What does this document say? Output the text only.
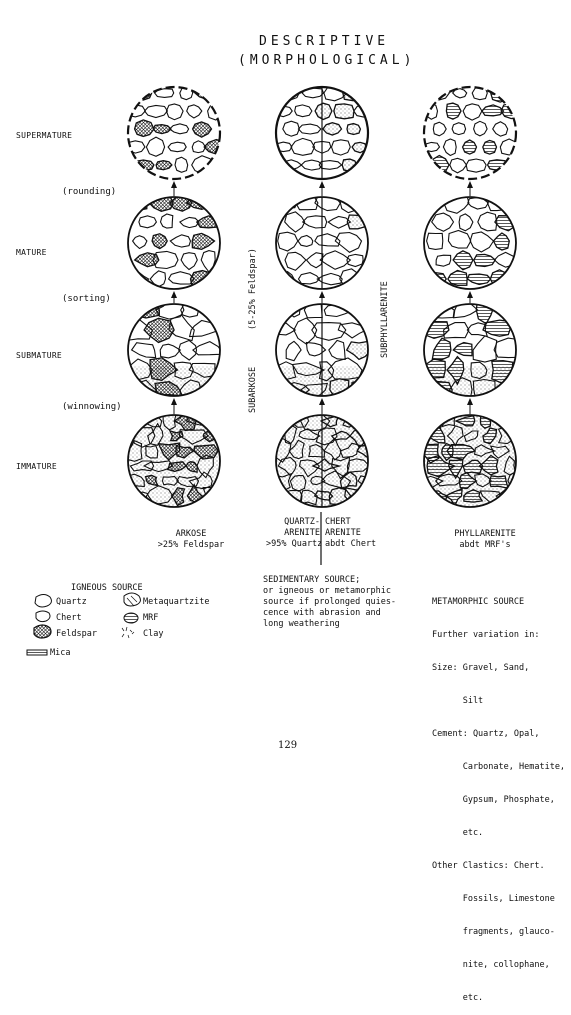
DESCRIPTIVE
(MORPHOLOGICAL)
SUPERMATURE
MATURE
SUBMATURE
IMMATURE
(rounding)
(sorting)
(winnowing)	SUBARKOSE
(5-25% Feldspar)	SUBPHYLLARENITE
ARKOSE
>25% Feldspar
QUARTZ-
ARENITE
>95% Quartz
CHERT
ARENITE
abdt Chert
PHYLLARENITE
abdt MRF's
IGNEOUS SOURCE
Quartz
Chert
Feldspar
Mica
Metaquartzite
MRF
Clay
SEDIMENTARY SOURCE;
or igneous or metamorphic
source if prolonged quies-
cence with abrasion and
long weathering

METAMORPHIC SOURCE

Further variation in:

Size: Gravel, Sand,

Silt

Cement: Quartz, Opal,

Carbonate, Hematite,

Gypsum, Phosphate,

etc.

Other Clastics: Chert.

Fossils, Limestone

fragments, glauco-

nite, collophane,

etc.

129
